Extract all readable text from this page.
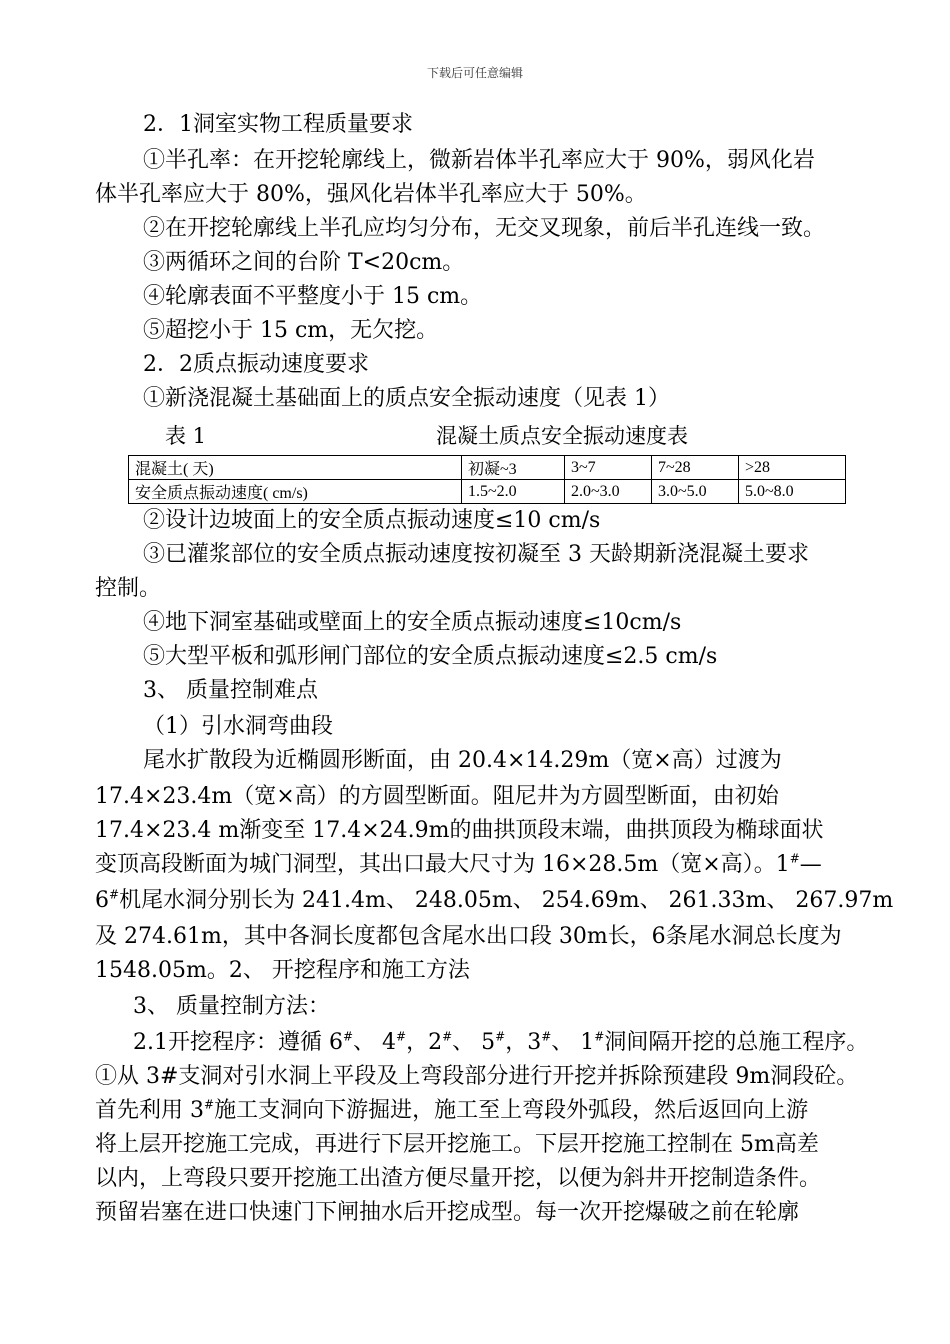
下载后可任意编辑
2．1洞室实物工程质量要求
①半孔率：在开挖轮廓线上，微新岩体半孔率应大于 90%，弱风化岩
体半孔率应大于 80%，强风化岩体半孔率应大于 50%。
②在开挖轮廓线上半孔应均匀分布，无交叉现象，前后半孔连线一致。
③两循环之间的台阶 T<20cm。
④轮廓表面不平整度小于 15 cm。
⑤超挖小于 15 cm，无欠挖。
2．2质点振动速度要求
①新浇混凝土基础面上的质点安全振动速度（见表 1）
表 1	混凝土质点安全振动速度表
混凝土( 天)	初凝~3	3~7	7~28	>28
安全质点振动速度( cm/s)	1.5~2.0	2.0~3.0	3.0~5.0	5.0~8.0
②设计边坡面上的安全质点振动速度≤10 cm/s
③已灌浆部位的安全质点振动速度按初凝至 3 天龄期新浇混凝土要求
控制。
④地下洞室基础或壁面上的安全质点振动速度≤10cm/s
⑤大型平板和弧形闸门部位的安全质点振动速度≤2.5 cm/s
3、 质量控制难点
（1）引水洞弯曲段
尾水扩散段为近椭圆形断面，由 20.4×14.29m（宽×高）过渡为
17.4×23.4m（宽×高）的方圆型断面。阻尼井为方圆型断面，由初始
17.4×23.4 m渐变至 17.4×24.9m的曲拱顶段末端，曲拱顶段为椭球面状
变顶高段断面为城门洞型，其出口最大尺寸为 16×28.5m（宽×高）。1#—
6#机尾水洞分别长为 241.4m、 248.05m、 254.69m、 261.33m、 267.97m
及 274.61m，其中各洞长度都包含尾水出口段 30m长，6条尾水洞总长度为
1548.05m。2、 开挖程序和施工方法
3、 质量控制方法：
2.1开挖程序：遵循 6#、 4#，2#、 5#，3#、 1#洞间隔开挖的总施工程序。
①从 3#支洞对引水洞上平段及上弯段部分进行开挖并拆除预建段 9m洞段砼。
首先利用 3#施工支洞向下游掘进，施工至上弯段外弧段，然后返回向上游
将上层开挖施工完成，再进行下层开挖施工。下层开挖施工控制在 5m高差
以内，上弯段只要开挖施工出渣方便尽量开挖，以便为斜井开挖制造条件。
预留岩塞在进口快速门下闸抽水后开挖成型。每一次开挖爆破之前在轮廓
